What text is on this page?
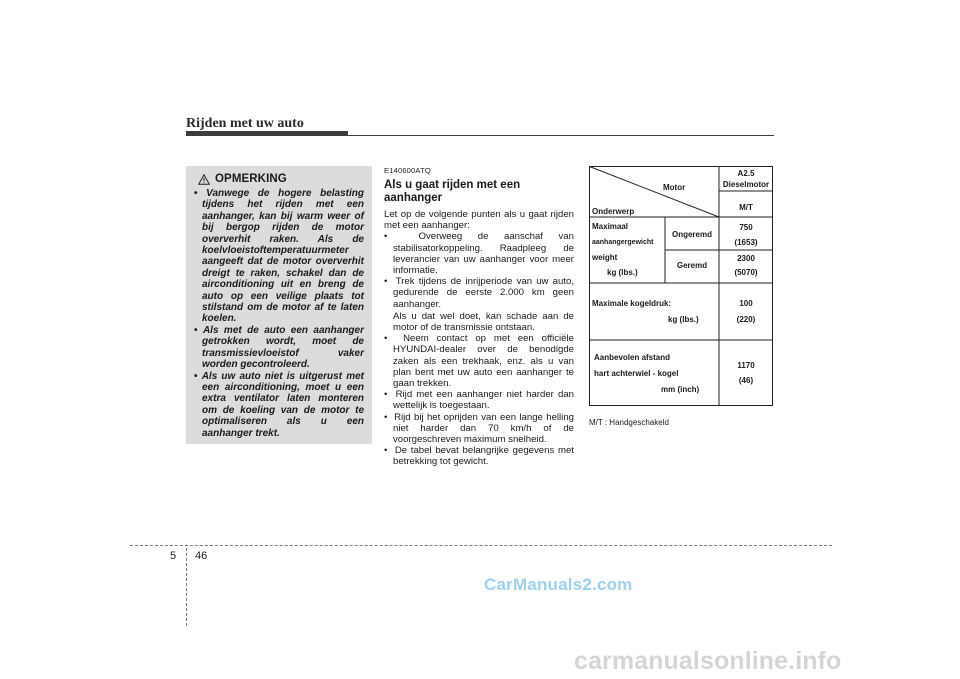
Rijden met uw auto
OPMERKING
• Vanwege de hogere belasting tijdens het rijden met een aanhanger, kan bij warm weer of bij bergop rijden de motor oververhit raken. Als de koelvloeistoftemperatuurmeter aangeeft dat de motor oververhit dreigt te raken, schakel dan de airconditioning uit en breng de auto op een veilige plaats tot stilstand om de motor af te laten koelen.
• Als met de auto een aanhanger getrokken wordt, moet de transmissievloeistof vaker worden gecontroleerd.
• Als uw auto niet is uitgerust met een airconditioning, moet u een extra ventilator laten monteren om de koeling van de motor te optimaliseren als u een aanhanger trekt.
E140600ATQ
Als u gaat rijden met een aanhanger

Let op de volgende punten als u gaat rijden met een aanhanger:

•  Overweeg de aanschaf van stabilisatorkoppeling. Raadpleeg de leverancier van uw aanhanger voor meer informatie.
•  Trek tijdens de inrijperiode van uw auto, gedurende de eerste 2.000 km geen aanhanger.
Als u dat wel doet, kan schade aan de motor of de transmissie ontstaan.
•  Neem contact op met een officiële HYUNDAI-dealer over de benodigde zaken als een trekhaak, enz. als u van plan bent met uw auto een aanhanger te gaan trekken.
•  Rijd met een aanhanger niet harder dan wettelijk is toegestaan.
•  Rijd bij het oprijden van een lange helling niet harder dan 70 km/h of de voorgeschreven maximum snelheid.
•  De tabel bevat belangrijke gegevens met betrekking tot gewicht.
Motor
Onderwerp
A2.5
Dieselmotor
M/T
Maximaal
aanhangergewicht
weight
kg (lbs.)
Ongeremd
Geremd
750
(1653)
2300
(5070)
Maximale kogeldruk:
kg (lbs.)
100
(220)
Aanbevolen afstand
hart achterwiel - kogel
mm (inch)
1170
(46)
M/T : Handgeschakeld
5 46
CarManuals2.com
carmanualsonline.info
